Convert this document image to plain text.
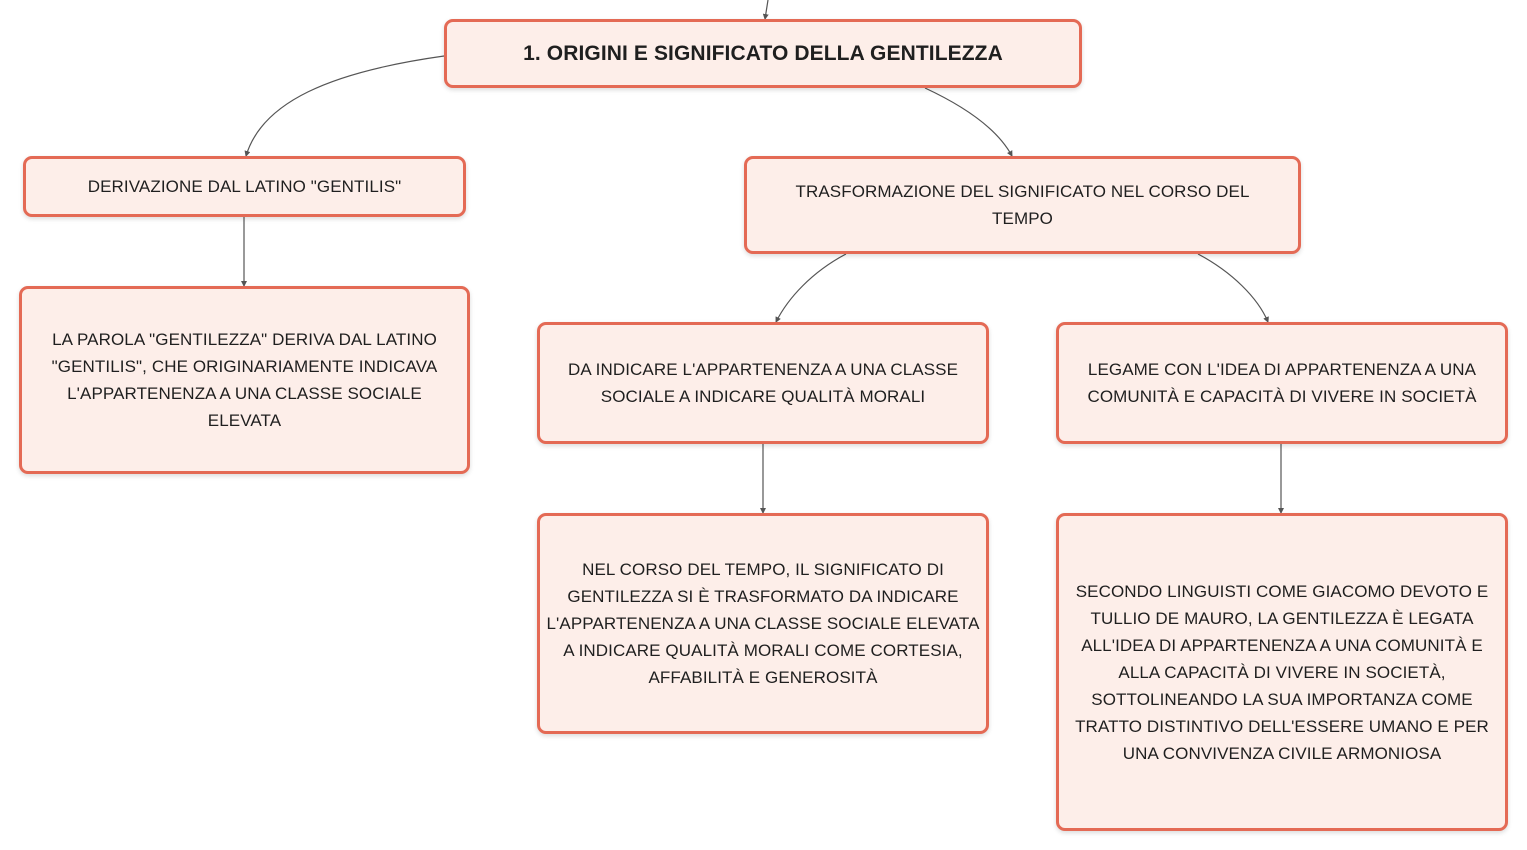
1. ORIGINI E SIGNIFICATO DELLA GENTILEZZA
DERIVAZIONE DAL LATINO "GENTILIS"
LA PAROLA "GENTILEZZA" DERIVA DAL LATINO "GENTILIS", CHE ORIGINARIAMENTE INDICAVA L'APPARTENENZA A UNA CLASSE SOCIALE ELEVATA
TRASFORMAZIONE DEL SIGNIFICATO NEL CORSO DEL TEMPO
DA INDICARE L'APPARTENENZA A UNA CLASSE SOCIALE A INDICARE QUALITÀ MORALI
LEGAME CON L'IDEA DI APPARTENENZA A UNA COMUNITÀ E CAPACITÀ DI VIVERE IN SOCIETÀ
NEL CORSO DEL TEMPO, IL SIGNIFICATO DI GENTILEZZA SI È TRASFORMATO DA INDICARE L'APPARTENENZA A UNA CLASSE SOCIALE ELEVATA A INDICARE QUALITÀ MORALI COME CORTESIA, AFFABILITÀ E GENEROSITÀ
SECONDO LINGUISTI COME GIACOMO DEVOTO E TULLIO DE MAURO, LA GENTILEZZA È LEGATA ALL'IDEA DI APPARTENENZA A UNA COMUNITÀ E ALLA CAPACITÀ DI VIVERE IN SOCIETÀ, SOTTOLINEANDO LA SUA IMPORTANZA COME TRATTO DISTINTIVO DELL'ESSERE UMANO E PER UNA CONVIVENZA CIVILE ARMONIOSA
